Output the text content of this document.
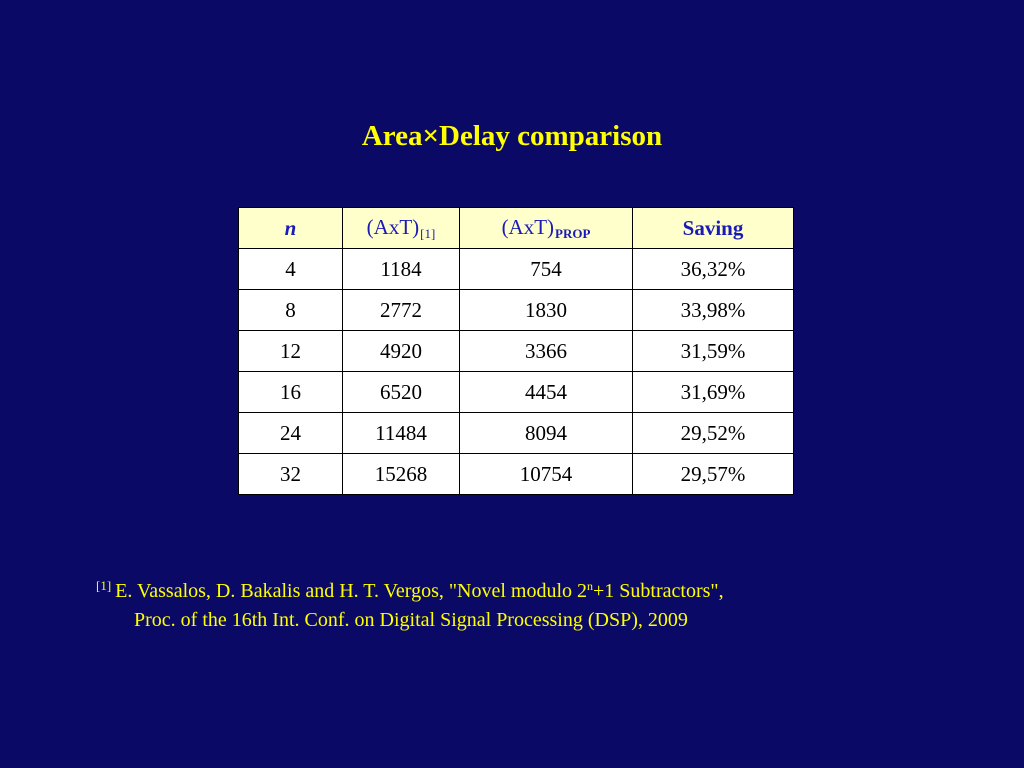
Area×Delay comparison
n	$(AxT)_{[1]}$	$(AxT)_{PROP}$	Saving
4	1184	754	36,32%
8	2772	1830	33,98%
12	4920	3366	31,59%
16	6520	4454	31,69%
24	11484	8094	29,52%
32	15268	10754	29,57%
[1] E. Vassalos, D. Bakalis and H. T. Vergos, "Novel modulo $2^n+1$ Subtractors",
Proc. of the 16th Int. Conf. on Digital Signal Processing (DSP), 2009
